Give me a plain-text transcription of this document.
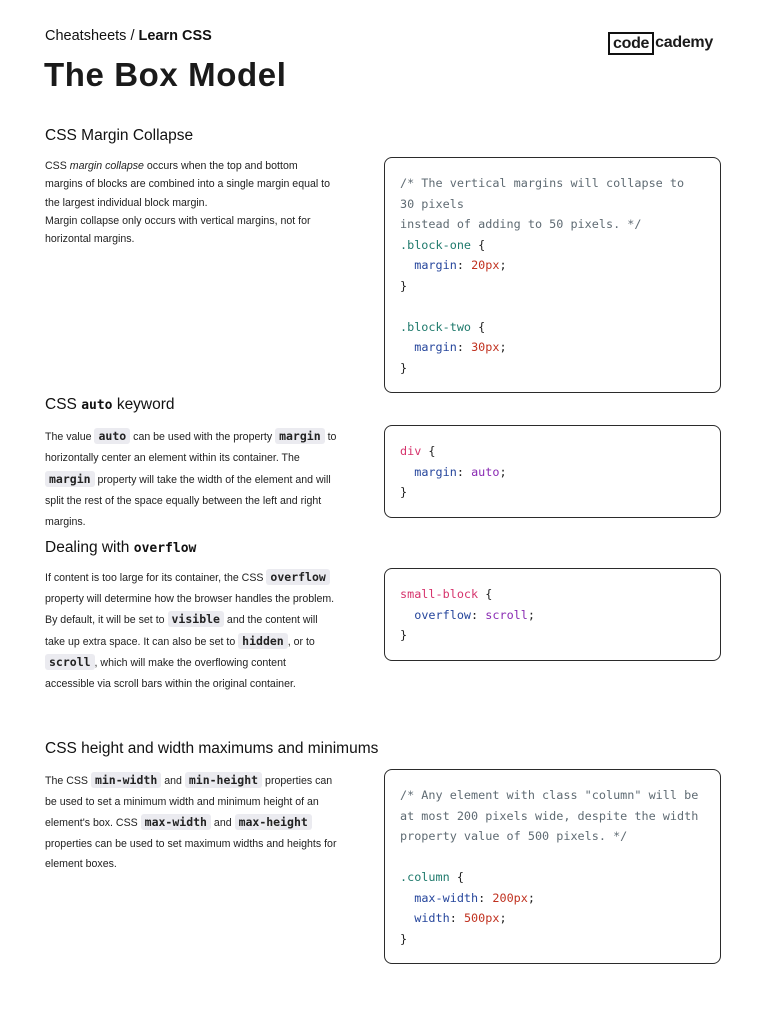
Cheatsheets / Learn CSS	code cademy
The Box Model
CSS Margin Collapse

CSS margin collapse occurs when the top and bottom margins of blocks are combined into a single margin equal to the largest individual block margin.

Margin collapse only occurs with vertical margins, not for horizontal margins.

/* The vertical margins will collapse to
30 pixels
instead of adding to 50 pixels. */
.block-one {
margin: 20px;
}

.block-two {
margin: 30px;
}
CSS auto keyword

The value auto can be used with the property margin to horizontally center an element within its container. The margin property will take the width of the element and will split the rest of the space equally between the left and right margins.

div {
margin: auto;
}
Dealing with overflow

If content is too large for its container, the CSS overflow property will determine how the browser handles the problem.

By default, it will be set to visible and the content will take up extra space. It can also be set to hidden , or to scroll , which will make the overflowing content accessible via scroll bars within the original container.

small-block {
overflow: scroll;
}
CSS height and width maximums and minimums

The CSS min-width and min-height properties can be used to set a minimum width and minimum height of an element's box. CSS max-width and max-height properties can be used to set maximum widths and heights for element boxes.

/* Any element with class "column" will be
at most 200 pixels wide, despite the width
property value of 500 pixels. */

.column {
max-width: 200px;
width: 500px;
}
